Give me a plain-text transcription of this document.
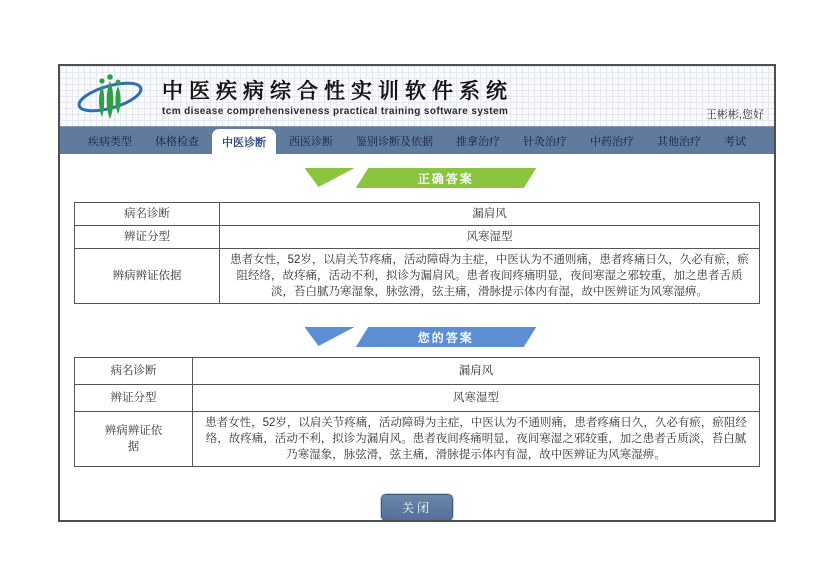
中医疾病综合性实训软件系统
tcm disease comprehensiveness practical training software system	王彬彬,您好
疾病类型	体格检查	中医诊断	西医诊断	鉴别诊断及依据	推拿治疗	针灸治疗	中药治疗	其他治疗	考试
正确答案
病名诊断	漏肩风
辨证分型	风寒湿型
辨病辨证依据	患者女性，52岁，以肩关节疼痛，活动障碍为主症，中医认为不通则痛，患者疼痛日久，久必有瘀，瘀阻经络，故疼痛，活动不利，拟诊为漏肩风。患者夜间疼痛明显，夜间寒湿之邪较重，加之患者舌质淡，苔白腻乃寒湿象，脉弦滑，弦主痛，滑脉提示体内有湿，故中医辨证为风寒湿痹。
您的答案
病名诊断	漏肩风
辨证分型	风寒湿型
辨病辨证依据	患者女性，52岁，以肩关节疼痛，活动障碍为主症，中医认为不通则痛，患者疼痛日久，久必有瘀，瘀阻经络，故疼痛，活动不利，拟诊为漏肩风。患者夜间疼痛明显，夜间寒湿之邪较重，加之患者舌质淡，苔白腻乃寒湿象，脉弦滑，弦主痛，滑脉提示体内有湿，故中医辨证为风寒湿痹。
关闭
